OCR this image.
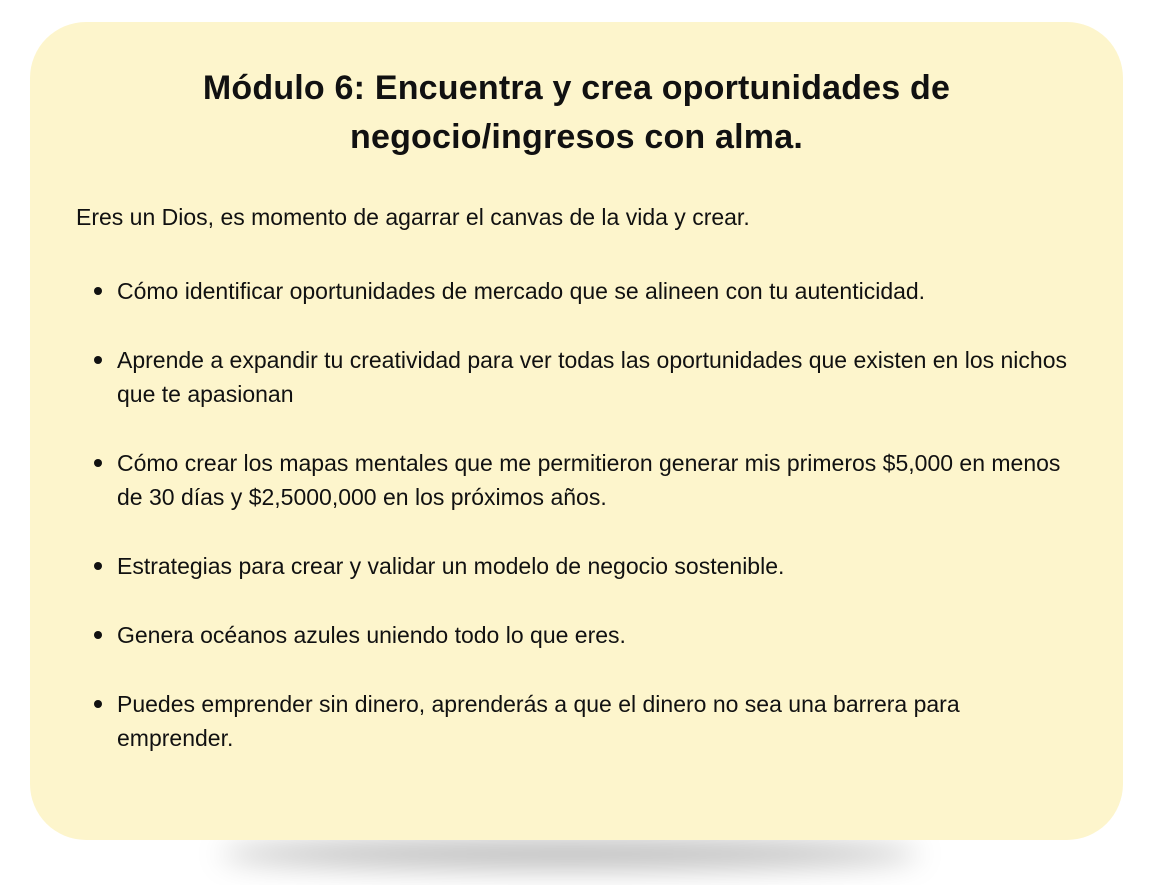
Módulo 6: Encuentra y crea oportunidades de
negocio/ingresos con alma.

Eres un Dios, es momento de agarrar el canvas de la vida y crear.

Cómo identificar oportunidades de mercado que se alineen con tu autenticidad.
Aprende a expandir tu creatividad para ver todas las oportunidades que existen en los nichos que te apasionan
Cómo crear los mapas mentales que me permitieron generar mis primeros $5,000 en menos de 30 días y $2,5000,000 en los próximos años.
Estrategias para crear y validar un modelo de negocio sostenible.
Genera océanos azules uniendo todo lo que eres.
Puedes emprender sin dinero, aprenderás a que el dinero no sea una barrera para emprender.
